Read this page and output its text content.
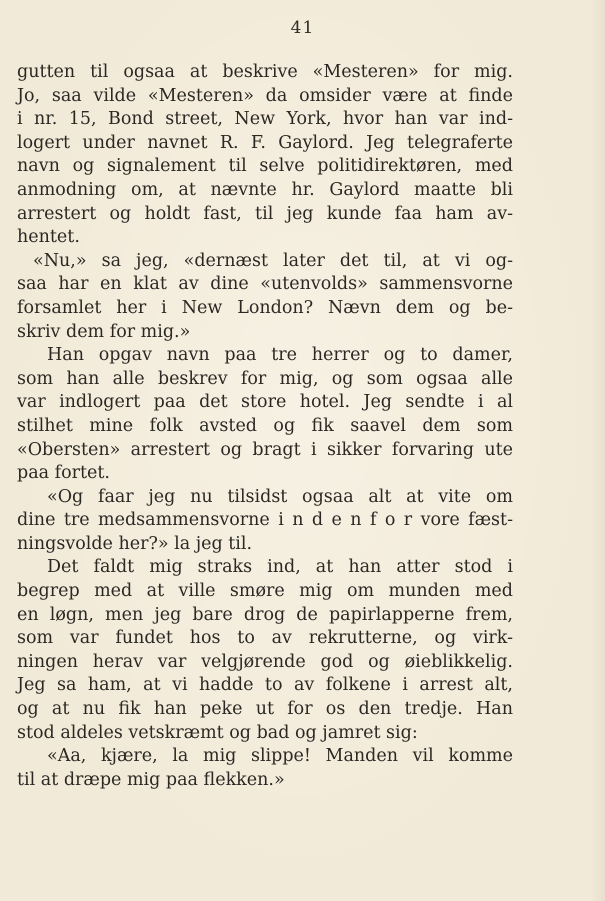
41
gutten til ogsaa at beskrive «Mesteren» for mig.
Jo, saa vilde «Mesteren» da omsider være at finde
i nr. 15, Bond street, New York, hvor han var ind-
logert under navnet R. F. Gaylord. Jeg telegraferte
navn og signalement til selve politidirektøren, med
anmodning om, at nævnte hr. Gaylord maatte bli
arrestert og holdt fast, til jeg kunde faa ham av-
hentet.
«Nu,» sa jeg, «dernæst later det til, at vi og-
saa har en klat av dine «utenvolds» sammensvorne
forsamlet her i New London? Nævn dem og be-
skriv dem for mig.»
Han opgav navn paa tre herrer og to damer,
som han alle beskrev for mig, og som ogsaa alle
var indlogert paa det store hotel. Jeg sendte i al
stilhet mine folk avsted og fik saavel dem som
«Obersten» arrestert og bragt i sikker forvaring ute
paa fortet.
«Og faar jeg nu tilsidst ogsaa alt at vite om
dine tre medsammensvorne i n d e n f o r vore fæst-
ningsvolde her?» la jeg til.
Det faldt mig straks ind, at han atter stod i
begrep med at ville smøre mig om munden med
en løgn, men jeg bare drog de papirlapperne frem,
som var fundet hos to av rekrutterne, og virk-
ningen herav var velgjørende god og øieblikkelig.
Jeg sa ham, at vi hadde to av folkene i arrest alt,
og at nu fik han peke ut for os den tredje. Han
stod aldeles vetskræmt og bad og jamret sig:
«Aa, kjære, la mig slippe! Manden vil komme
til at dræpe mig paa flekken.»
